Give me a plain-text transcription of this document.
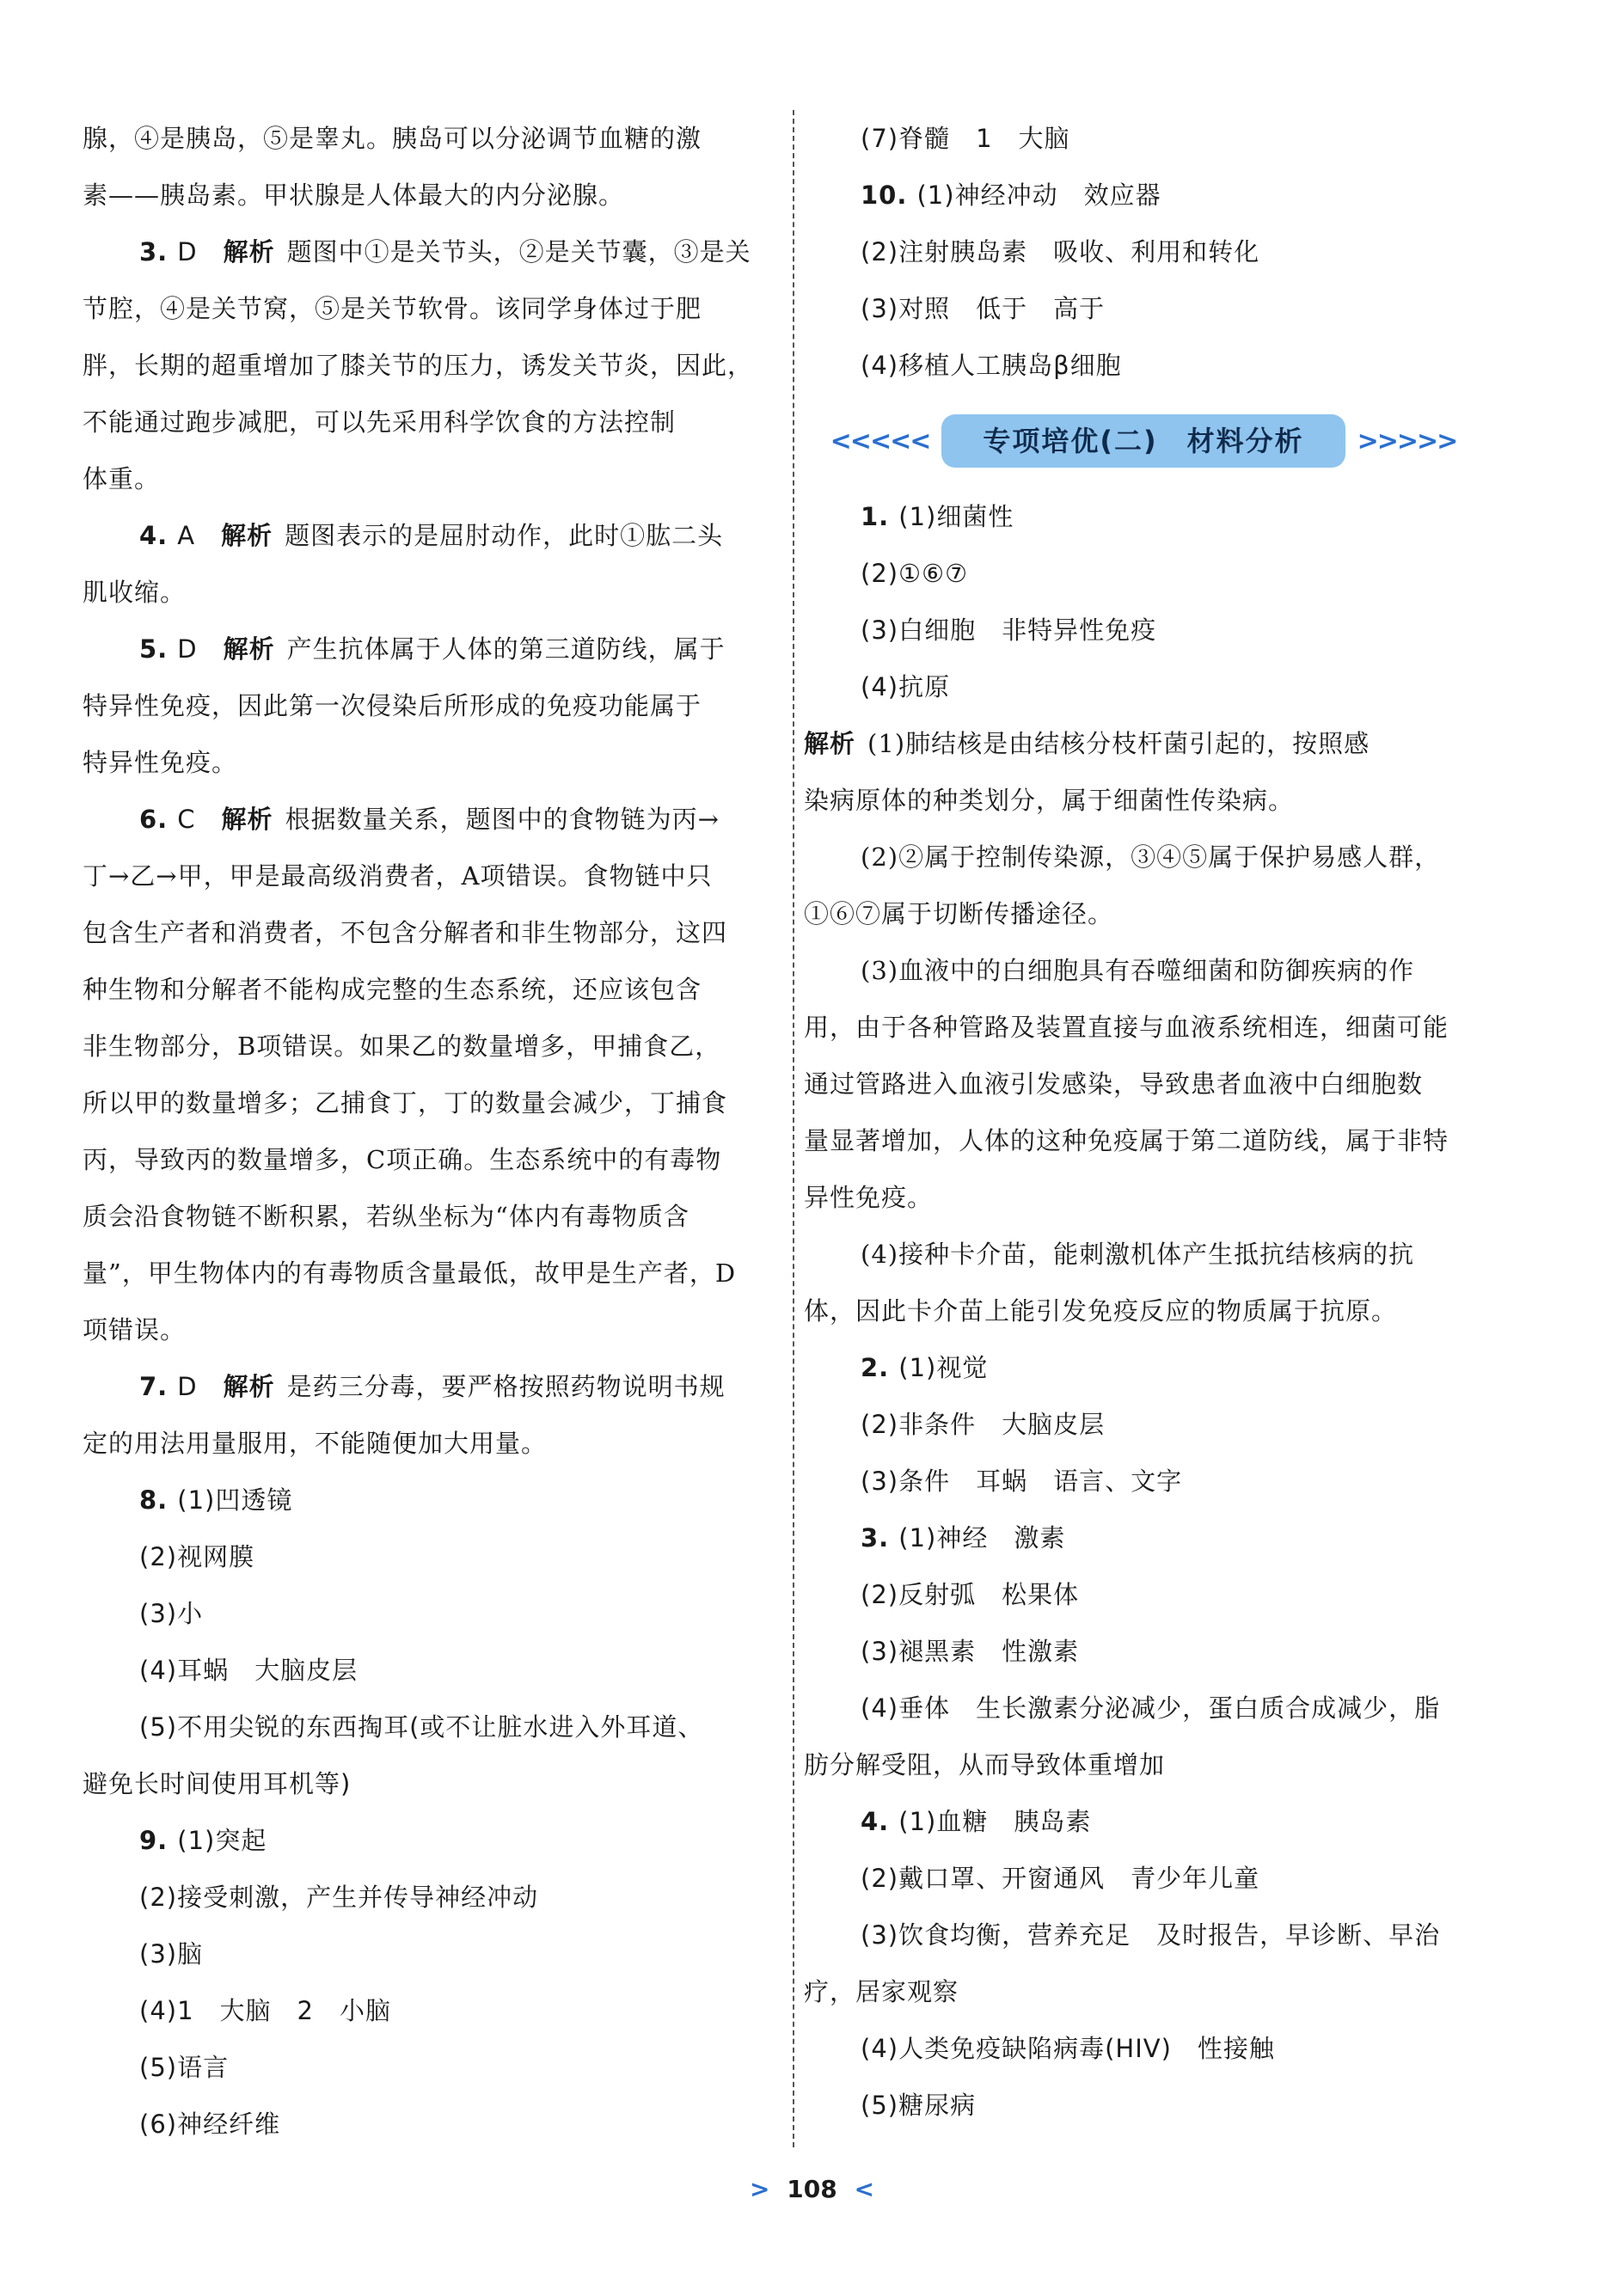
腺，④是胰岛，⑤是睾丸。胰岛可以分泌调节血糖的激
素——胰岛素。甲状腺是人体最大的内分泌腺。
3. D 解析 题图中①是关节头，②是关节囊，③是关
节腔，④是关节窝，⑤是关节软骨。该同学身体过于肥
胖，长期的超重增加了膝关节的压力，诱发关节炎，因此，
不能通过跑步减肥，可以先采用科学饮食的方法控制
体重。
4. A 解析 题图表示的是屈肘动作，此时①肱二头
肌收缩。
5. D 解析 产生抗体属于人体的第三道防线，属于
特异性免疫，因此第一次侵染后所形成的免疫功能属于
特异性免疫。
6. C 解析 根据数量关系，题图中的食物链为丙→
丁→乙→甲，甲是最高级消费者，A项错误。食物链中只
包含生产者和消费者，不包含分解者和非生物部分，这四
种生物和分解者不能构成完整的生态系统，还应该包含
非生物部分，B项错误。如果乙的数量增多，甲捕食乙，
所以甲的数量增多；乙捕食丁，丁的数量会减少，丁捕食
丙，导致丙的数量增多，C项正确。生态系统中的有毒物
质会沿食物链不断积累，若纵坐标为“体内有毒物质含
量”，甲生物体内的有毒物质含量最低，故甲是生产者，D
项错误。
7. D 解析 是药三分毒，要严格按照药物说明书规
定的用法用量服用，不能随便加大用量。
8. (1)凹透镜
(2)视网膜
(3)小
(4)耳蜗　大脑皮层
(5)不用尖锐的东西掏耳(或不让脏水进入外耳道、
避免长时间使用耳机等)
9. (1)突起
(2)接受刺激，产生并传导神经冲动
(3)脑
(4)1　大脑　2　小脑
(5)语言
(6)神经纤维
(7)脊髓　1　大脑
10. (1)神经冲动　效应器
(2)注射胰岛素　吸收、利用和转化
(3)对照　低于　高于
(4)移植人工胰岛β细胞
<<<<<	专项培优(二)　材料分析	>>>>>
1. (1)细菌性
(2)①⑥⑦
(3)白细胞　非特异性免疫
(4)抗原
解析 (1)肺结核是由结核分枝杆菌引起的，按照感
染病原体的种类划分，属于细菌性传染病。
(2)②属于控制传染源，③④⑤属于保护易感人群，
①⑥⑦属于切断传播途径。
(3)血液中的白细胞具有吞噬细菌和防御疾病的作
用，由于各种管路及装置直接与血液系统相连，细菌可能
通过管路进入血液引发感染，导致患者血液中白细胞数
量显著增加，人体的这种免疫属于第二道防线，属于非特
异性免疫。
(4)接种卡介苗，能刺激机体产生抵抗结核病的抗
体，因此卡介苗上能引发免疫反应的物质属于抗原。
2. (1)视觉
(2)非条件　大脑皮层
(3)条件　耳蜗　语言、文字
3. (1)神经　激素
(2)反射弧　松果体
(3)褪黑素　性激素
(4)垂体　生长激素分泌减少，蛋白质合成减少，脂
肪分解受阻，从而导致体重增加
4. (1)血糖　胰岛素
(2)戴口罩、开窗通风　青少年儿童
(3)饮食均衡，营养充足　及时报告，早诊断、早治
疗，居家观察
(4)人类免疫缺陷病毒(HIV)　性接触
(5)糖尿病
> 108 <
